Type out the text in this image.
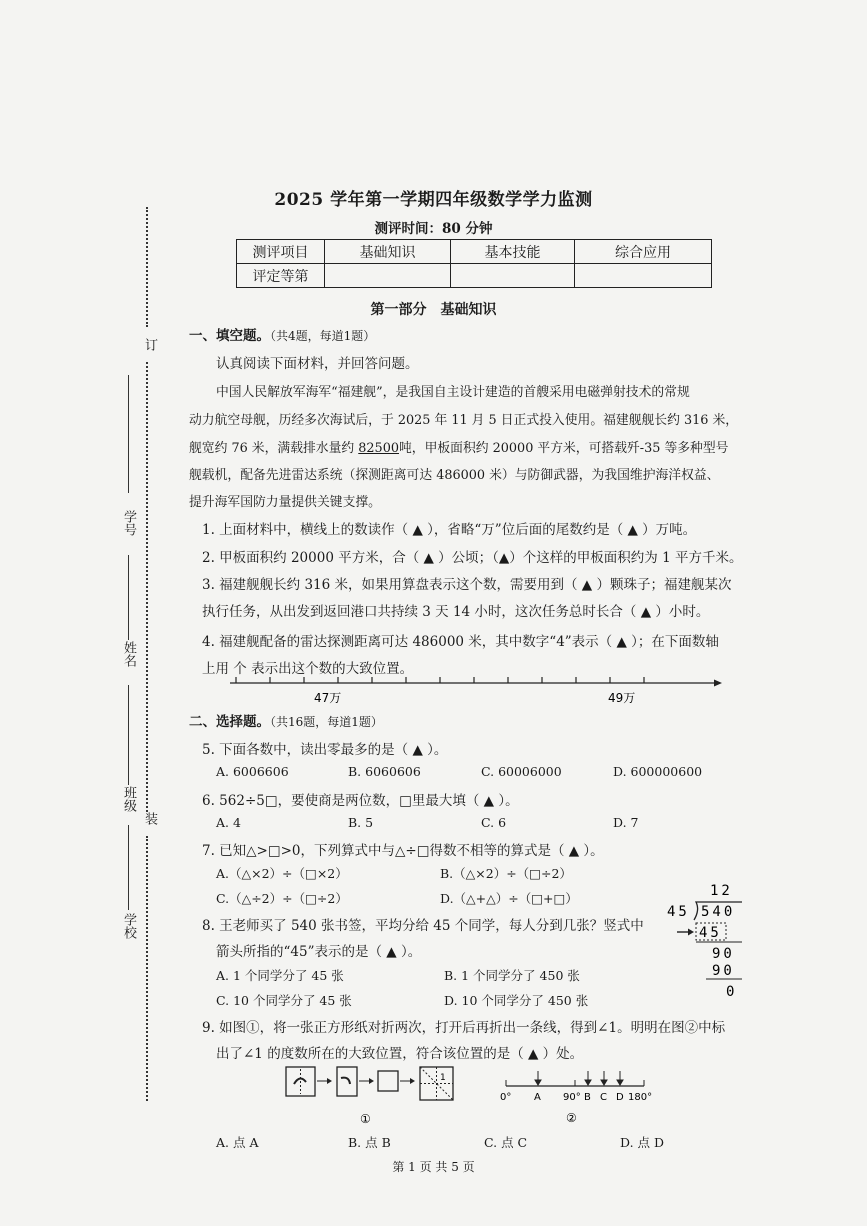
订
装
学号
姓名
班级
学校
2025 学年第一学期四年级数学学力监测
测评时间：80 分钟
测评项目	基础知识	基本技能	综合应用
评定等第			
第一部分　基础知识
一、填空题。（共4题，每道1题）
认真阅读下面材料，并回答问题。
中国人民解放军海军“福建舰”，是我国自主设计建造的首艘采用电磁弹射技术的常规
动力航空母舰，历经多次海试后，于 2025 年 11 月 5 日正式投入使用。福建舰舰长约 316 米，
舰宽约 76 米，满载排水量约 82500吨，甲板面积约 20000 平方米，可搭载歼-35 等多种型号
舰载机，配备先进雷达系统（探测距离可达 486000 米）与防御武器，为我国维护海洋权益、
提升海军国防力量提供关键支撑。
1. 上面材料中，横线上的数读作（ ▲ ），省略“万”位后面的尾数约是（ ▲ ）万吨。
2. 甲板面积约 20000 平方米，合（ ▲ ）公顷；（▲）个这样的甲板面积约为 1 平方千米。
3. 福建舰舰长约 316 米，如果用算盘表示这个数，需要用到（ ▲ ）颗珠子；福建舰某次
执行任务，从出发到返回港口共持续 3 天 14 小时，这次任务总时长合（ ▲ ）小时。
4. 福建舰配备的雷达探测距离可达 486000 米，其中数字“4”表示（ ▲ ）；在下面数轴
上用 个 表示出这个数的大致位置。
47万	49万
二、选择题。（共16题，每道1题）
5. 下面各数中，读出零最多的是（ ▲ ）。
A. 6006606	B. 6060606	C. 60006000	D. 600000600
6. 562÷5□，要使商是两位数，□里最大填（ ▲ ）。
A. 4	B. 5	C. 6	D. 7
7. 已知△>□>0，下列算式中与△÷□得数不相等的算式是（ ▲ ）。
A.（△×2）÷（□×2）	B.（△×2）÷（□÷2）
C.（△÷2）÷（□÷2）	D.（△+△）÷（□+□）
8. 王老师买了 540 张书签，平均分给 45 个同学，每人分到几张？竖式中
箭头所指的“45”表示的是（ ▲ ）。
A. 1 个同学分了 45 张	B. 1 个同学分了 450 张
C. 10 个同学分了 45 张	D. 10 个同学分了 450 张
12
45 540
45
90
90
0
9. 如图①，将一张正方形纸对折两次，打开后再折出一条线，得到∠1。明明在图②中标
出了∠1 的度数所在的大致位置，符合该位置的是（ ▲ ）处。
1
①
0° A 90° B C D 180°
②
A. 点 A	B. 点 B	C. 点 C	D. 点 D
第 1 页 共 5 页
